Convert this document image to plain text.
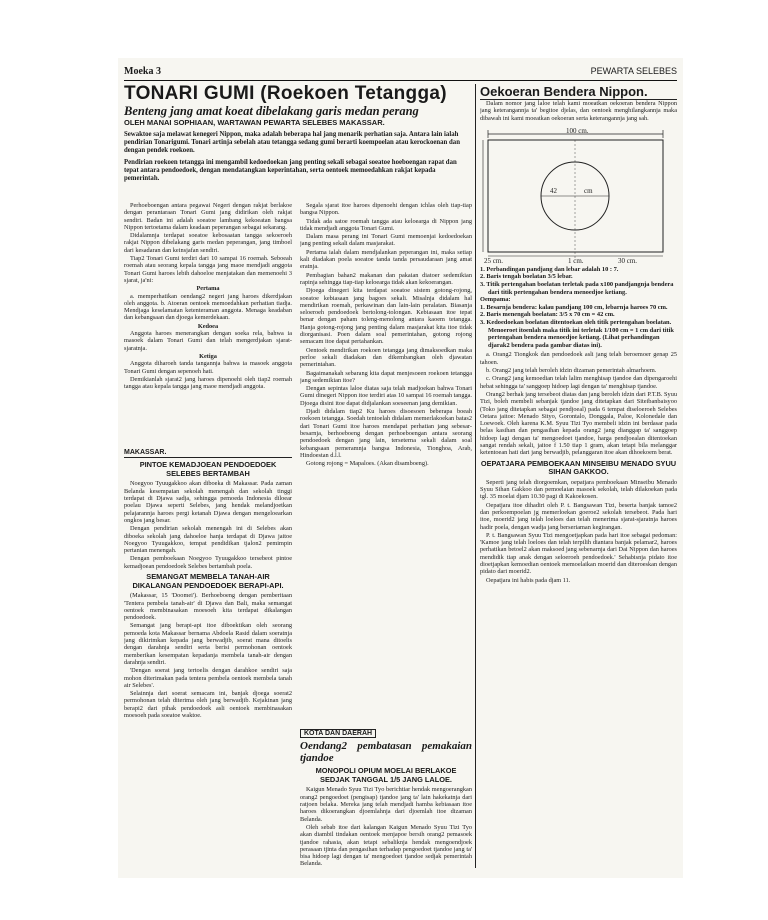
Moeka 3	PEWARTA SELEBES
TONARI GUMI (Roekoen Tetangga)
Benteng jang amat koeat dibelakang garis medan perang
OLEH MANAI SOPHIAAN, WARTAWAN PEWARTA SELEBES MAKASSAR.
Sewaktoe saja melawat kenegeri Nippon, maka adalah beberapa hal jang menarik perhatian saja. Antara lain ialah pendirian Tonarigumi. Tonari artinja sebelah atau tetangga sedang gumi berarti koempoelan atau kerockoenan dan dengan pendek roekoen.
Pendirian roekoen tetangga ini mengambil kedoedoekan jang penting sekali sebagai soeatoe hoeboengan rapat dan tepat antara pendoedoek, dengan mendatangkan keperintahan, serta oentoek memoedahkan rakjat kepada pemerintah.

Perhoeboengan antara pegawai Negeri dengan rakjat berlakoe dengan perantaraan Tonari Gumi jang didirikan oleh rakjat sendiri. Badan ini adalah soeatoe lambang kekoeatan bangsa Nippon tertoetama dalam keadaan peperangan sebagai sekarang.

Didalamnja terdapat soeatoe kebosaatan tangga sekoeroeh rakjat Nippon dibelakang garis medan peperangan, jang timboel dari kesadaran dan keinsjafan sendiri.

Tiap2 Tonari Gumi terdiri dari 10 sampai 16 roemah. Seboeah roemah atau seorang kepala tangga jang maoe mendjadi anggota Tonari Gumi haroes lebih dahoeloe menjatakan dan memenoehi 3 sjarat, ja'ni:

Pertama

a. memperhatikan oendang2 negeri jang haroes dikerdjakan oleh anggota. b. Atoeran oentoek memoedahkan perhatian tiadja. Mendjaga keselamatan ketenteraman anggota. Menaga keadaban dan kebangsaan dan djoega kemerdekaan.

Kedoea

Anggota haroes menerangkan dengan soeka rela, bahwa ia masoek dalam Tonari Gumi dan telah mengerdjakan sjarat-sjaratnja.

Ketiga

Anggota diharoeh tanda tangannja bahwa ia masoek anggota Tonari Gumi dengan sepenoeh hati.

Demikianlah sjarat2 jang haroes dipenoehi oleh tiap2 roemah tangga atau kepala tangga jang maoe mendjadi anggota.

Segala sjarat itoe haroes dipenoehi dengan ichlas oleh tiap-tiap bangsa Nippon.

Tidak ada satoe roemah tangga atau keloearga di Nippon jang tidak mendjadi anggota Tonari Gumi.

Dalam masa perang ini Tonari Gumi memoenjai kedoedoekan jang penting sekali dalam masjarakat.

Pertama ialah dalam mendjalankan peperangan ini, maka setiap kali diadakan poela soeatoe tanda tanda persaudaraan jang amat eratnja.

Pembagian bahan2 makanan dan pakaian diatoer sedemikian rapinja sehingga tiap-tiap keloearga tidak akan kekoerangan.

Djoega dinegeri kita terdapat soeatoe sistem gotong-rojong, soeatoe kebiasaan jang bagoes sekali. Misalnja didalam hal mendirikan roemah, perkawinan dan lain-lain peralatan. Biasanja seloeroeh pendoedoek bertolong-tolongan. Kebiasaan itoe tepat benar dengan paham toleng-menolong antara kaoem tetangga. Hanja gotong-rojong jang penting dalam masjarakat kita itoe tidak diorganisasi. Poen dalam soal pemerintahan, gotong rojong semacam itoe dapat pertahankan.

Oentoek mendirikan roekoen tetangga jang dimaksoedkan maka perloe sekali diadakan dan dikembangkan oleh djawatan pemerintahan.

Bagaimanakah sebarang kita dapat menjesoeen roekoen tetangga jang sedemikian itoe?

Dengan sepintas laloe diatas saja telah madjoekan bahwa Tonari Gumi dinegeri Nippon itoe terdiri atas 10 sampai 16 roemah tangga. Djoega disini itoe dapat didjalankan soeseenan jang demikian.

Djadi didalam tiap2 Ku haroes disoesoen beberapa boeah roekoen tetangga. Soedah tentoelah didalam memerlakoekan batas2 dari Tonari Gumi itoe haroes mendapat perhatian jang sebesar-besarnja, berhoeboeng dengan perhoeboengan antara seorang pendoedoek dengan jang lain, terseterna sekali dalam soal kebangsaan pemeramnja bangsa Indonesia, Tionghoa, Arab, Hindoestan d.l.l.

Gotong rojong = Mapaloes. (Akan disamboeng).

MAKASSAR.
PINTOE KEMADJOEAN PENDOEDOEK SELEBES BERTAMBAH

Noegyoo Tyuugakkoo akan diboeka di Makassar. Pada zaman Belanda kesempatan sekolah menengah dan sekolah tinggi terdapat di Djawa sadja, sehingga pemoeda Indonesia diloear poelau Djawa seperti Selebes, jang hendak melandjoetkan pelajarannja haroes pergi ketanah Djawa dengan mengeloearkan ongkos jang besar.

Dengan pendirian sekolah menengah ini di Selebes akan diboeka sekolah jang dahoeloe hanja terdapat di Djawa jaitoe Noegyoo Tyuugakkoo, tempat pendidikan tjalon2 pemimpin pertanian menengah.

Dengan pemboekaan Noegyoo Tyuugakkoo tersebeot pintoe kemadjoean pendoedoek Selebes bertambah poela.

SEMANGAT MEMBELA TANAH-AIR DIKALANGAN PENDOEDOEK BERAPI-API.

(Makassar, 15 'Doomei'). Berhoeboeng dengan pemberitaan 'Tentera pembela tanah-air' di Djawa dan Bali, maka semangat oentoek membinasakan moesoeh kita terdapat dikalangan pendoedoek.

Semangat jang berapi-api itoe diboektikan oleh seorang pemoeda kota Makassar bernama Abdoela Rasid dalam soeratnja jang dikirimkan kepada jang berwadjib, soerat mana ditoelis dengan darahnja sendiri serta berisi permohonan oentoek memberikan kesempatan kepadanja membela tanah-air dengan darahnja sendiri.

'Dengan soerat jang tertoelis dengan darahkoe sendiri saja mohon diterimakan pada tentera pembela oentoek membela tanah air Selebes'.

Selainnja dari soerat semacam ini, banjak djoega soerat2 permohonan telah diterima oleh jang berwadjib. Kejakinan jang berapi2 dari pihak pendoedoek asli oentoek membinasakan moesoeh pada soeatoe waktoe.

KOTA DAN DAERAH
Oendang2 pembatasan pemakaian tjandoe
MONOPOLI OPIUM MOELAI BERLAKOE SEDJAK TANGGAL 1/5 JANG LALOE.

Kaigun Menado Syuu Tizi Tyo berichtiar hendak mengoerangkan orang2 pengoedoet (pengisap) tjandoe jang ta' lain hakekatnja dari ratjoen belaka. Mereka jang telah mendjadi hamba kebiasaan itoe haroes dikoerangkan djoemlahnja dari djoemlah itoe dizaman Belanda.

Oleh sebab itoe dari kalangan Kaigun Menado Syuu Tizi Tyo akan diambil tindakan oentoek menjapoe bersih orang2 pemasoek tjandoe rahasia, akan tetapi sebaliknja hendak mengoendjoek perasaan tjinta dan pengasihan terhadap pengoedoet tjandoe jang ta' bisa hidoep lagi dengan ta' mengoedoet tjandoe sedjak pemerintah Belanda.

Oekoeran Bendera Nippon.

Dalam nomor jang laloe telah kami moeatkan oekoeran bendera Nippon jang keterangannja ta' begitoe djelas, dan oentoek menghilangkannja maka dibawah ini kami moeatkan oekoeran serta keterangannja jang sah.

100 cm.
42	cm
25 cm.	1 cm.	30 cm.
1. Perbandingan pandjang dan lebar adalah 10 : 7.
2. Baris tengah boelatan 3/5 lebar.
3. Titik pertengahan boelatan terletak pada x100 pandjangnja bendera dari titik pertengahan bendera menoedjoe ketiang.
Oempama:
1. Besarnja bendera: kalau pandjang 100 cm, lebarnja haroes 70 cm.
2. Baris menengah boelatan: 3/5 x 70 cm = 42 cm.
3. Kedoedoekan boelatan ditentoekan oleh titik pertengahan boelatan. Menoeroet itoenlah maka titik ini terletak 1/100 cm = 1 cm dari titik pertengahan bendera menoedjoe ketiang. (Lihat perhandingan djarak2 bendera pada gambar diatas ini).

a. Orang2 Tiongkok dan pendoedoek asli jang telah beroemoer genap 25 tahoen.

b. Orang2 jang telah beroleh idzin dizaman pemerintah almarhoem.

c. Orang2 jang kemoedian telah lalim menghisap tjandoe dan dipengaroehi hebat sehingga ta' sanggoep hidoep lagi dengan ta' menghisap tjandoe.

Orang2 berhak jang tersebeot diatas dan jang beroleh idzin dari P.T.B. Syuu Tizi, boleh membeli sebanjak tjandoe jang ditetapkan dari Siteibanbaisyoo (Toko jang ditetapkan sebagai pendjoeal) pada 6 tempat diseloeroeh Selebes Oetara jaitoe: Menado Sityo, Gorontalo, Donggala, Paloe, Kolonedale dan Loewoek. Oleh karena K.M. Syuu Tizi Tyo membeli idzin ini berdasar pada belas kasihan dan pengasihan kepada orang2 jang dianggap ta' sanggoep hidoep lagi dengan ta' mengoedoet tjandoe, harga pendjoealan ditentoekan sangat rendah sekali, jaitoe f 1.50 tiap 1 gram, akan tetapi bila melanggar ketentoean hati dari jang berwadjib, pelanggaran itoe akan dihoekoem berat.

OEPATJARA PEMBOEKAAN MINSEIBU MENADO SYUU SIHAN GAKKOO.

Seperti jang telah diorgoemkan, oepatjara pemboekaan Minseibu Menado Syuu Sihan Gakkoo dan pemoelaian masoek sekolah, telah dilakoekan pada tgl. 35 moelai djam 10.30 pagi di Kakoekosen.

Oepatjara itoe dihadiri oleh P. t. Bangsawan Tizi, beserta banjak tamoe2 dan perkoempoelan jg memerloekan goeroe2 sekolah tersebeot. Pada hari itoe, moerid2 jang telah loeloes dan telah menerima sjarat-sjaratnja haroes hadir poela, dengan wadja jang berseriaman kegirangan.

P. t. Bangsawan Syuu Tizi mengoetjapkan pada hari itoe sebagai pedoman: 'Kamoe jang telah loeloes dan telah terpilih diantara banjak pelamar2, haroes perhatikan betoel2 akan maksoed jang sebenarnja dari Dai Nippon dan haroes mendidik tiap anak dengan seloeroeh pendoedoek.' Sehabisnja pidato itoe dioetjapkan kemoedian oentoek memoelaikan moerid dan diteroeskan dengan pidato dari moerid2.

Oepatjara ini habis pada djam 11.
